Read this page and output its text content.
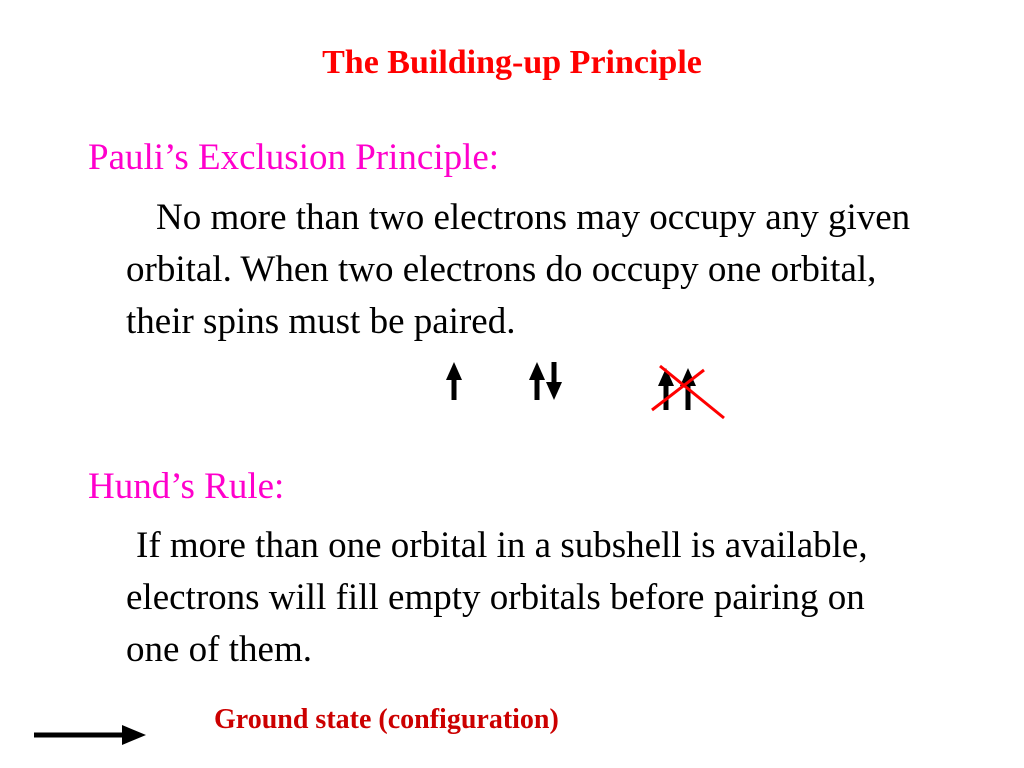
The Building-up Principle
Pauli’s Exclusion Principle:
No more than two electrons may occupy any given orbital. When two electrons do occupy one orbital, their spins must be paired.
Hund’s Rule:
If more than one orbital in a subshell is available, electrons will fill empty orbitals before pairing on one of them.
Ground state (configuration)
